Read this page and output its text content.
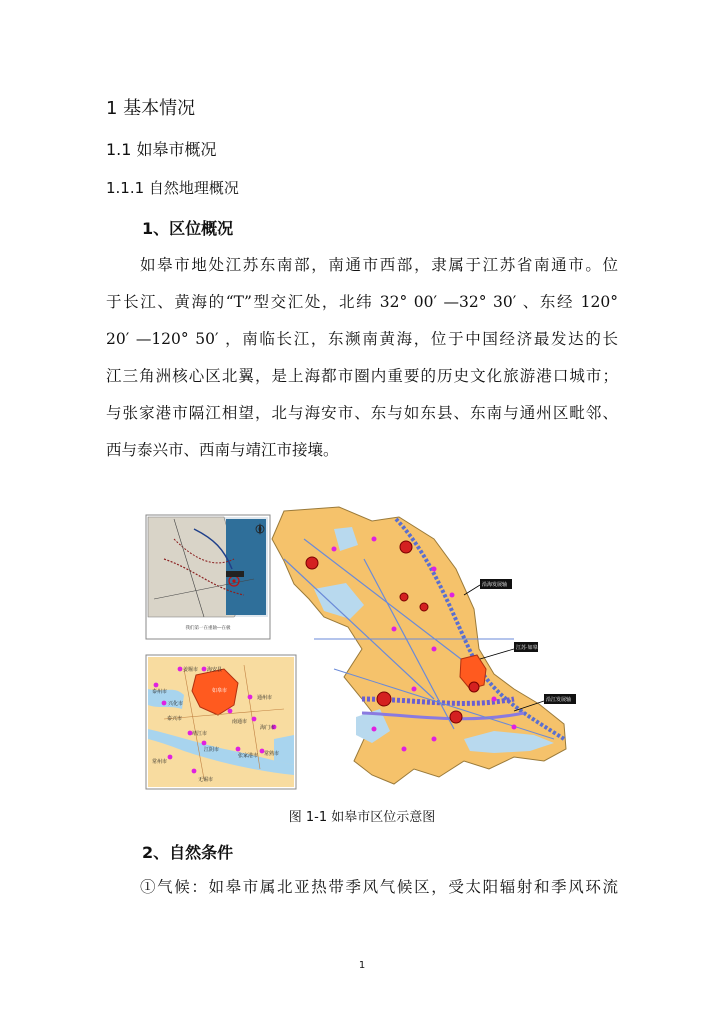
1 基本情况
1.1 如皋市概况
1.1.1 自然地理概况
1、区位概况
如皋市地处江苏东南部，南通市西部，隶属于江苏省南通市。位
于长江、黄海的“T”型交汇处，北纬 32° 00′ —32° 30′ 、东经 120°
20′ —120° 50′ ，南临长江，东濒南黄海，位于中国经济最发达的长
江三角洲核心区北翼，是上海都市圈内重要的历史文化旅游港口城市；
与张家港市隔江相望，北与海安市、东与如东县、东南与通州区毗邻、
西与泰兴市、西南与靖江市接壤。
沿海发展轴
江苏·如皋
沿江发展轴
我们第一在重轴—在极
如皋市
泰州市
姜堰市 海安县
兴化市
泰兴市
靖江市
江阴市
张家港市
南通市
通州市
海门市
常熟市
常州市
无锡市
图 1-1 如皋市区位示意图
2、自然条件
①气候：如皋市属北亚热带季风气候区，受太阳辐射和季风环流
1
